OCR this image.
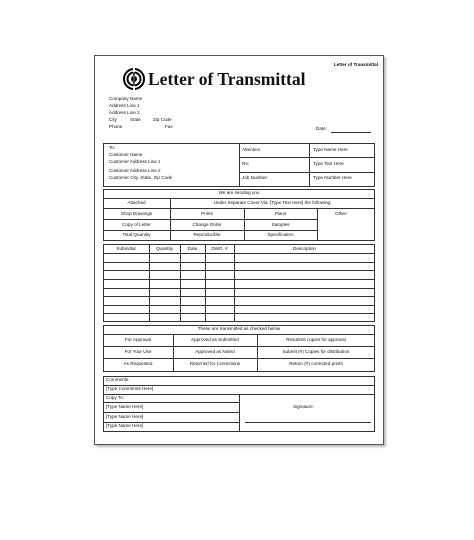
Letter of Transmittal
Letter of Transmittal
Company Name
Address Line 1
Address Line 2
City	State	Zip Code
Phone	Fax	Date:
To:
Customer Name
Customer Address Line 1
Customer Address Line 2
Customer City, State, Zip Code
Attention	Type Name Here
Re:	Type Text Here
Job Number:	Type Number Here
We are sending you
Attached	Under Separate Cover Via: [Type Text Here] the following:
Shop Drawings	Prints	Plans	Other:
Copy of Letter	Change Order	Samples
Total Quantity	Reproducible	Specification
Submittal	Quantity	Date	DWG. #	Description
These are transmitted as checked below
For Approval	Approved as Submitted	Resubmit copies for approval
For Your Use	Approved as Noted	Submit (#) Copies for distribution
As Requested	Returned for Corrections	Return (#) corrected prints
Comments:
[Type Comments Here]
Copy To:
[Type Name Here]
[Type Name Here]
[Type Name Here]
Signature:
